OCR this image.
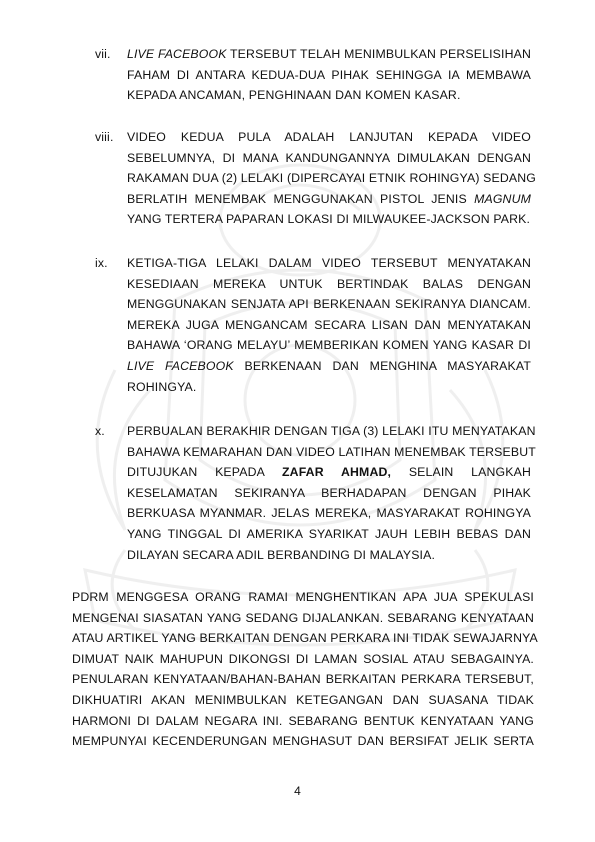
vii.	LIVE FACEBOOK TERSEBUT TELAH MENIMBULKAN PERSELISIHAN
FAHAM DI ANTARA KEDUA-DUA PIHAK SEHINGGA IA MEMBAWA
KEPADA ANCAMAN, PENGHINAAN DAN KOMEN KASAR.
viii.	VIDEO KEDUA PULA ADALAH LANJUTAN KEPADA VIDEO
SEBELUMNYA, DI MANA KANDUNGANNYA DIMULAKAN DENGAN
RAKAMAN DUA (2) LELAKI (DIPERCAYAI ETNIK ROHINGYA) SEDANG
BERLATIH MENEMBAK MENGGUNAKAN PISTOL JENIS MAGNUM
YANG TERTERA PAPARAN LOKASI DI MILWAUKEE-JACKSON PARK.
ix.	KETIGA-TIGA LELAKI DALAM VIDEO TERSEBUT MENYATAKAN
KESEDIAAN MEREKA UNTUK BERTINDAK BALAS DENGAN
MENGGUNAKAN SENJATA API BERKENAAN SEKIRANYA DIANCAM.
MEREKA JUGA MENGANCAM SECARA LISAN DAN MENYATAKAN
BAHAWA ‘ORANG MELAYU’ MEMBERIKAN KOMEN YANG KASAR DI
LIVE FACEBOOK BERKENAAN DAN MENGHINA MASYARAKAT
ROHINGYA.
x.	PERBUALAN BERAKHIR DENGAN TIGA (3) LELAKI ITU MENYATAKAN
BAHAWA KEMARAHAN DAN VIDEO LATIHAN MENEMBAK TERSEBUT
DITUJUKAN KEPADA ZAFAR AHMAD, SELAIN LANGKAH
KESELAMATAN SEKIRANYA BERHADAPAN DENGAN PIHAK
BERKUASA MYANMAR. JELAS MEREKA, MASYARAKAT ROHINGYA
YANG TINGGAL DI AMERIKA SYARIKAT JAUH LEBIH BEBAS DAN
DILAYAN SECARA ADIL BERBANDING DI MALAYSIA.
PDRM MENGGESA ORANG RAMAI MENGHENTIKAN APA JUA SPEKULASI
MENGENAI SIASATAN YANG SEDANG DIJALANKAN. SEBARANG KENYATAAN
ATAU ARTIKEL YANG BERKAITAN DENGAN PERKARA INI TIDAK SEWAJARNYA
DIMUAT NAIK MAHUPUN DIKONGSI DI LAMAN SOSIAL ATAU SEBAGAINYA.
PENULARAN KENYATAAN/BAHAN-BAHAN BERKAITAN PERKARA TERSEBUT,
DIKHUATIRI AKAN MENIMBULKAN KETEGANGAN DAN SUASANA TIDAK
HARMONI DI DALAM NEGARA INI. SEBARANG BENTUK KENYATAAN YANG
MEMPUNYAI KECENDERUNGAN MENGHASUT DAN BERSIFAT JELIK SERTA
4
